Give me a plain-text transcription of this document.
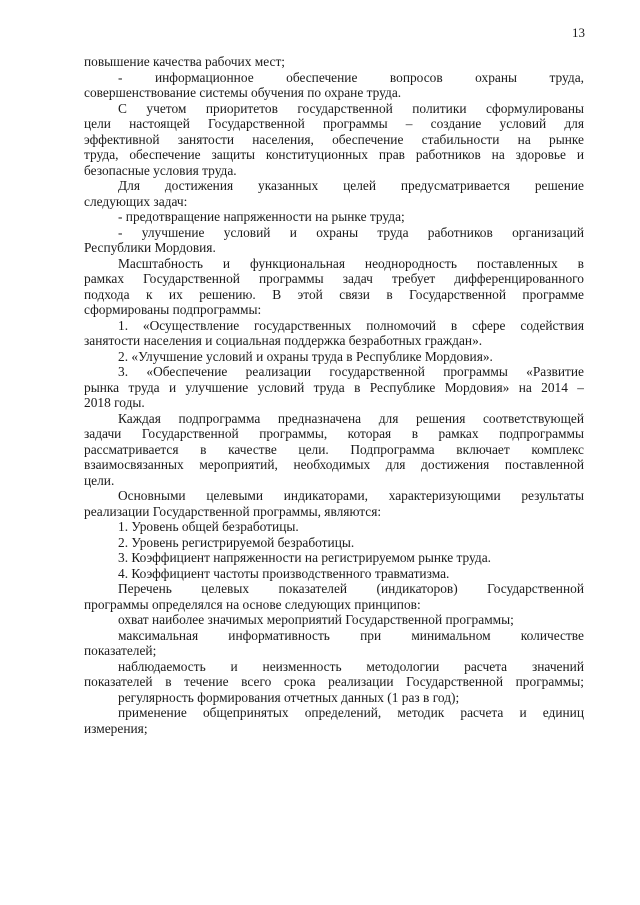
13
повышение качества рабочих мест;
- информационное обеспечение вопросов охраны труда,
совершенствование системы обучения по охране труда.
С учетом приоритетов государственной политики сформулированы
цели настоящей Государственной программы – создание условий для
эффективной занятости населения, обеспечение стабильности на рынке
труда, обеспечение защиты конституционных прав работников на здоровье и
безопасные условия труда.
Для достижения указанных целей предусматривается решение
следующих задач:
- предотвращение напряженности на рынке труда;
- улучшение условий и охраны труда работников организаций
Республики Мордовия.
Масштабность и функциональная неоднородность поставленных в
рамках Государственной программы задач требует дифференцированного
подхода к их решению. В этой связи в Государственной программе
сформированы подпрограммы:
1. «Осуществление государственных полномочий в сфере содействия
занятости населения и социальная поддержка безработных граждан».
2. «Улучшение условий и охраны труда в Республике Мордовия».
3. «Обеспечение реализации государственной программы «Развитие
рынка труда и улучшение условий труда в Республике Мордовия» на 2014 –
2018 годы.
Каждая подпрограмма предназначена для решения соответствующей
задачи Государственной программы, которая в рамках подпрограммы
рассматривается в качестве цели. Подпрограмма включает комплекс
взаимосвязанных мероприятий, необходимых для достижения поставленной
цели.
Основными целевыми индикаторами, характеризующими результаты
реализации Государственной программы, являются:
1. Уровень общей безработицы.
2. Уровень регистрируемой безработицы.
3. Коэффициент напряженности на регистрируемом рынке труда.
4. Коэффициент частоты производственного травматизма.
Перечень целевых показателей (индикаторов) Государственной
программы определялся на основе следующих принципов:
охват наиболее значимых мероприятий Государственной программы;
максимальная информативность при минимальном количестве
показателей;
наблюдаемость и неизменность методологии расчета значений
показателей в течение всего срока реализации Государственной программы;
регулярность формирования отчетных данных (1 раз в год);
применение общепринятых определений, методик расчета и единиц
измерения;
